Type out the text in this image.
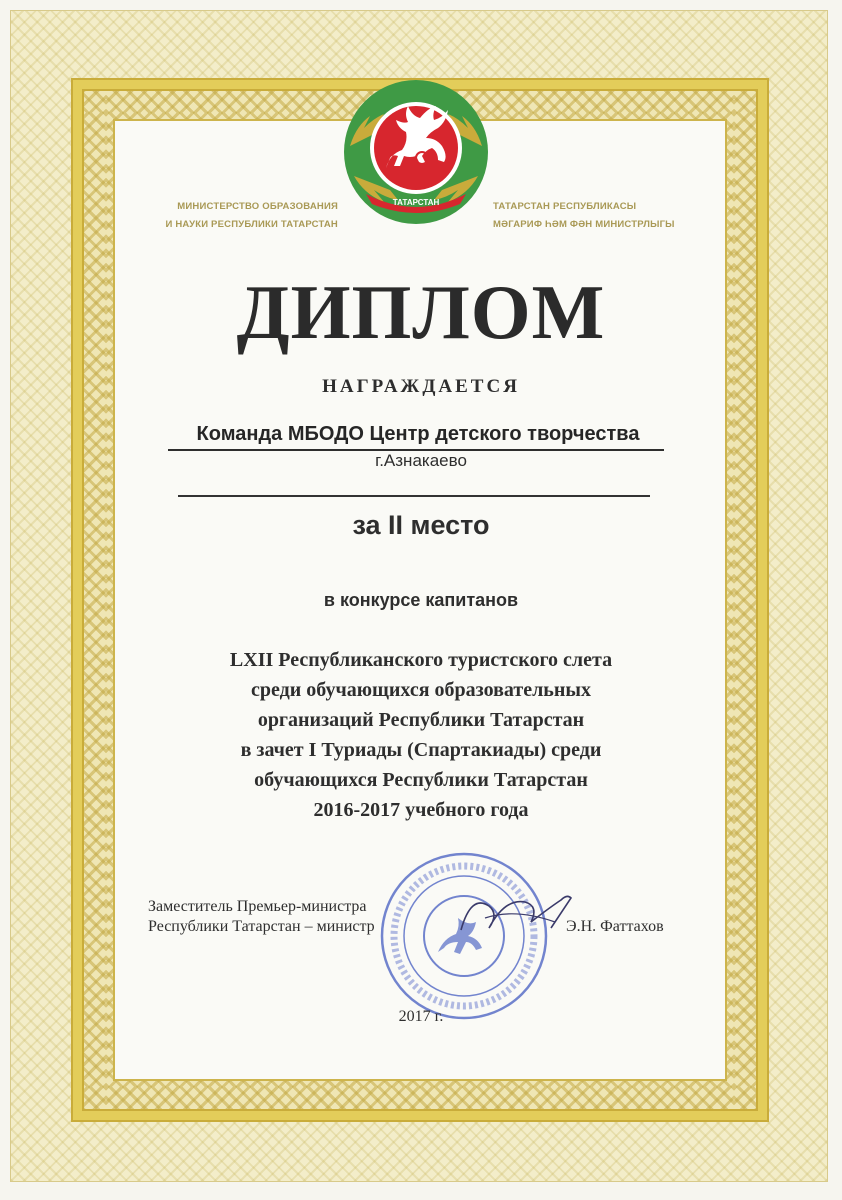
ТАТАРСТАН
МИНИСТЕРСТВО ОБРАЗОВАНИЯ
И НАУКИ РЕСПУБЛИКИ ТАТАРСТАН
ТАТАРСТАН РЕСПУБЛИКАСЫ
МӘГАРИФ ҺӘМ ФӘН МИНИСТРЛЫГЫ
ДИПЛОМ
НАГРАЖДАЕТСЯ
Команда МБОДО Центр детского творчества
г.Азнакаево
за II место
в конкурсе капитанов
LXII Республиканского туристского слета
среди обучающихся образовательных
организаций Республики Татарстан
в зачет I Туриады (Спартакиады) среди
обучающихся Республики Татарстан
2016-2017 учебного года
Заместитель Премьер-министра
Республики Татарстан – министр	Э.Н. Фаттахов
2017 г.
